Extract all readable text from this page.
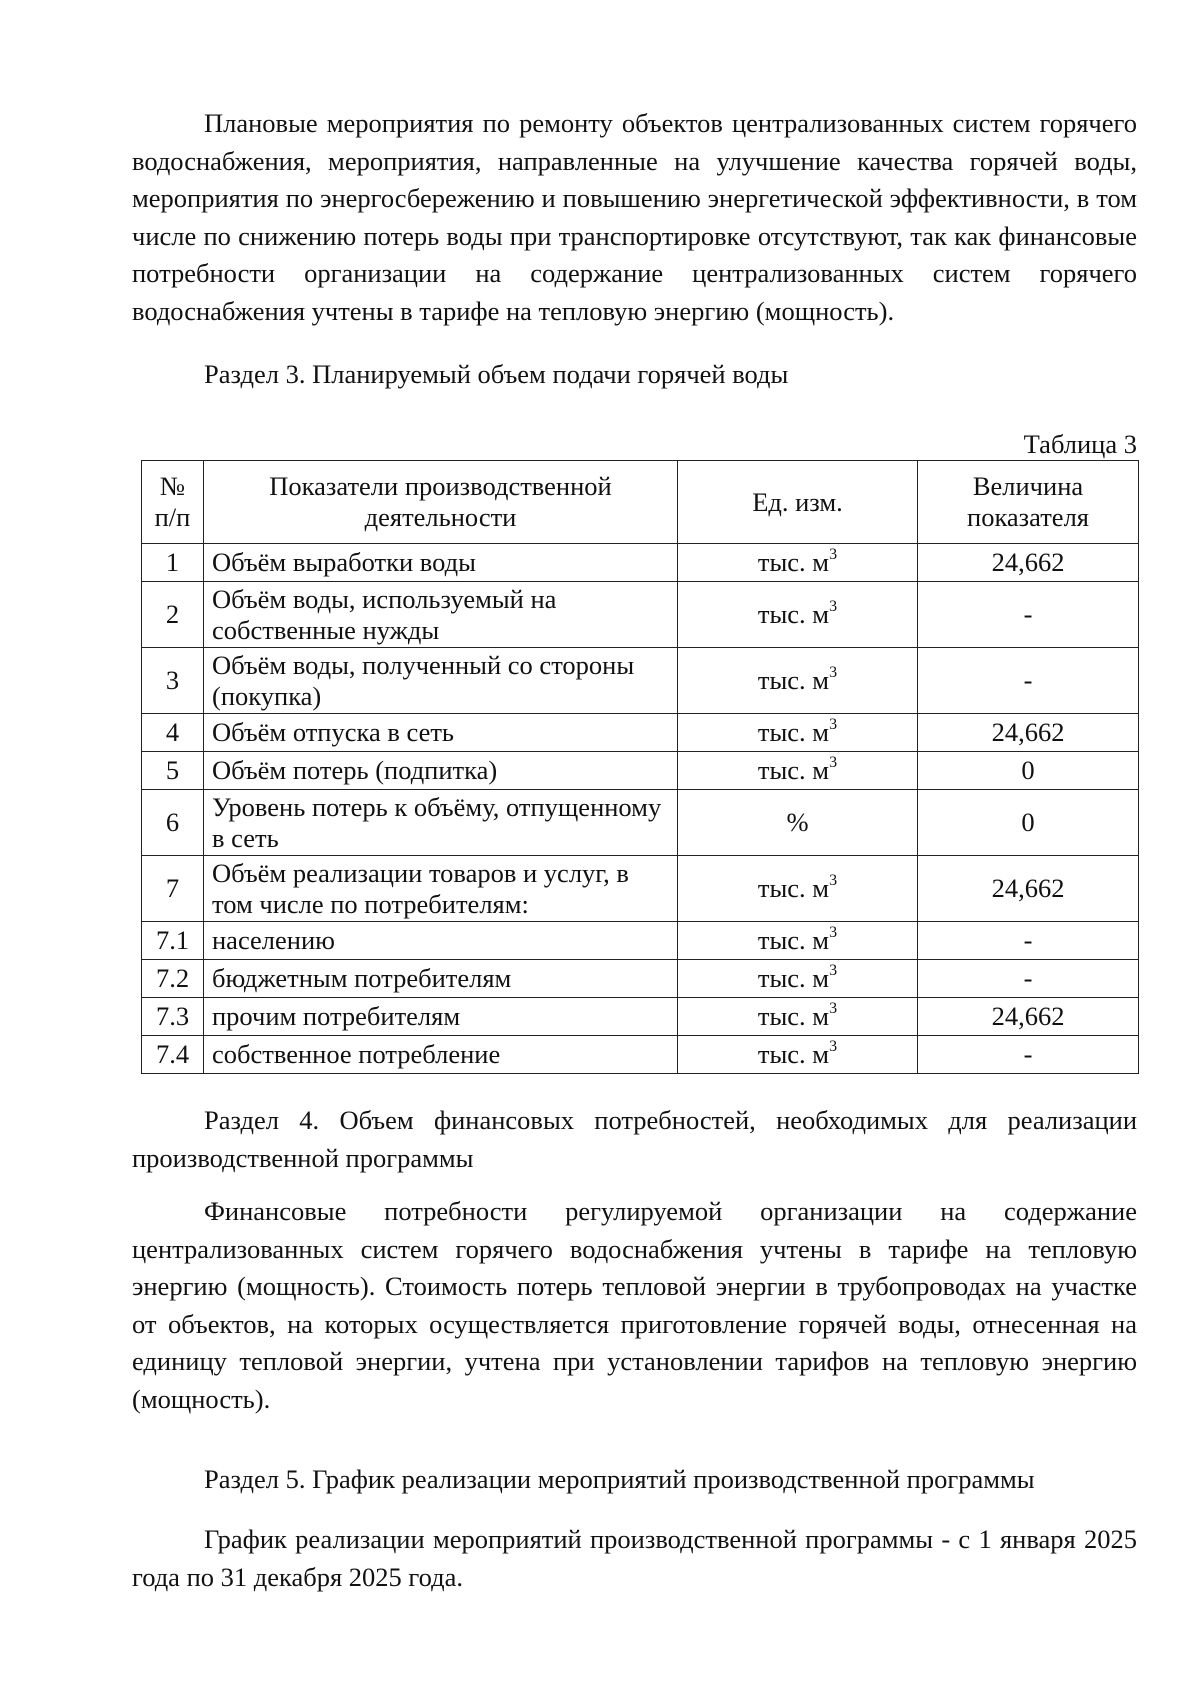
Плановые мероприятия по ремонту объектов централизованных систем горячего водоснабжения, мероприятия, направленные на улучшение качества горячей воды, мероприятия по энергосбережению и повышению энергетической эффективности, в том числе по снижению потерь воды при транспортировке отсутствуют, так как финансовые потребности организации на содержание централизованных систем горячего водоснабжения учтены в тарифе на тепловую энергию (мощность).

Раздел 3. Планируемый объем подачи горячей воды

Таблица 3

№ п/п	Показатели производственной деятельности	Ед. изм.	Величина показателя
1	Объём выработки воды	тыс. $м^3$	24,662
2	Объём воды, используемый на собственные нужды	тыс. $м^3$	-
3	Объём воды, полученный со стороны (покупка)	тыс. $м^3$	-
4	Объём отпуска в сеть	тыс. $м^3$	24,662
5	Объём потерь (подпитка)	тыс. $м^3$	0
6	Уровень потерь к объёму, отпущенному в сеть	%	0
7	Объём реализации товаров и услуг, в том числе по потребителям:	тыс. $м^3$	24,662
7.1	населению	тыс. $м^3$	-
7.2	бюджетным потребителям	тыс. $м^3$	-
7.3	прочим потребителям	тыс. $м^3$	24,662
7.4	собственное потребление	тыс. $м^3$	-

Раздел 4. Объем финансовых потребностей, необходимых для реализации производственной программы

Финансовые потребности регулируемой организации на содержание централизованных систем горячего водоснабжения учтены в тарифе на тепловую энергию (мощность). Стоимость потерь тепловой энергии в трубопроводах на участке от объектов, на которых осуществляется приготовление горячей воды, отнесенная на единицу тепловой энергии, учтена при установлении тарифов на тепловую энергию (мощность).

Раздел 5. График реализации мероприятий производственной программы

График реализации мероприятий производственной программы - с 1 января 2025 года по 31 декабря 2025 года.
